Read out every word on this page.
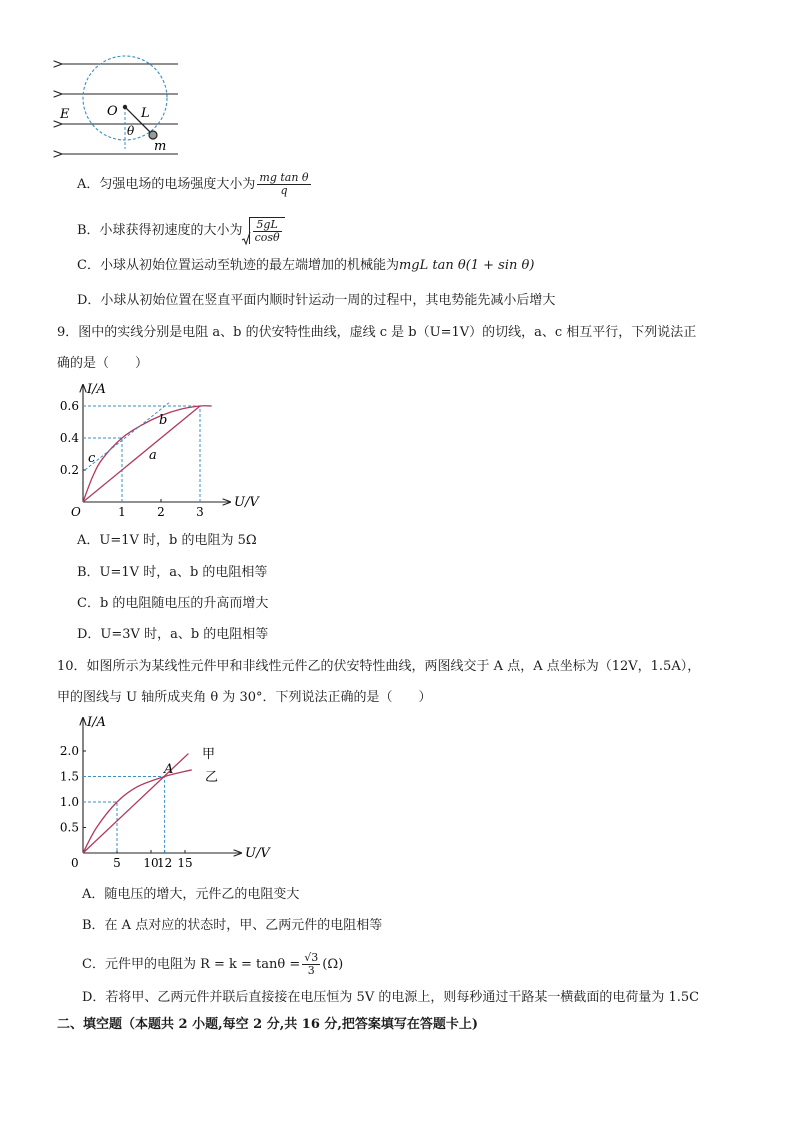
E	O L
θ
m
A．匀强电场的电场强度大小为 $\frac{\text{mg tan θ}}{q}$
B．小球获得初速度的大小为 $\frac{5gL}{\cos\theta}$
C．小球从初始位置运动至轨迹的最左端增加的机械能为mgL tan θ(1 + sin θ)
D．小球从初始位置在竖直平面内顺时针运动一周的过程中，其电势能先减小后增大
9．图中的实线分别是电阻 a、b 的伏安特性曲线，虚线 c 是 b（U=1V）的切线，a、c 相互平行，下列说法正
确的是（　　）
U/V
I/A
O	1	2	3
0.2
0.4
0.6
a
b
c
A．U=1V 时，b 的电阻为 5Ω
B．U=1V 时，a、b 的电阻相等
C．b 的电阻随电压的升高而增大
D．U=3V 时，a、b 的电阻相等
10．如图所示为某线性元件甲和非线性元件乙的伏安特性曲线，两图线交于 A 点，A 点坐标为（12V，1.5A），
甲的图线与 U 轴所成夹角 θ 为 30°．下列说法正确的是（　　）
U/V
I/A
0	5 10
12 15
0.5
1.0
1.5
2.0	甲
乙
A
A．随电压的增大，元件乙的电阻变大
B．在 A 点对应的状态时，甲、乙两元件的电阻相等
C．元件甲的电阻为 $R = k = \tan\theta = \frac{√3}{3} (\Omega)$
D．若将甲、乙两元件并联后直接接在电压恒为 5V 的电源上，则每秒通过干路某一横截面的电荷量为 1.5C
二、填空题（本题共 2 小题,每空 2 分,共 16 分,把答案填写在答题卡上)
